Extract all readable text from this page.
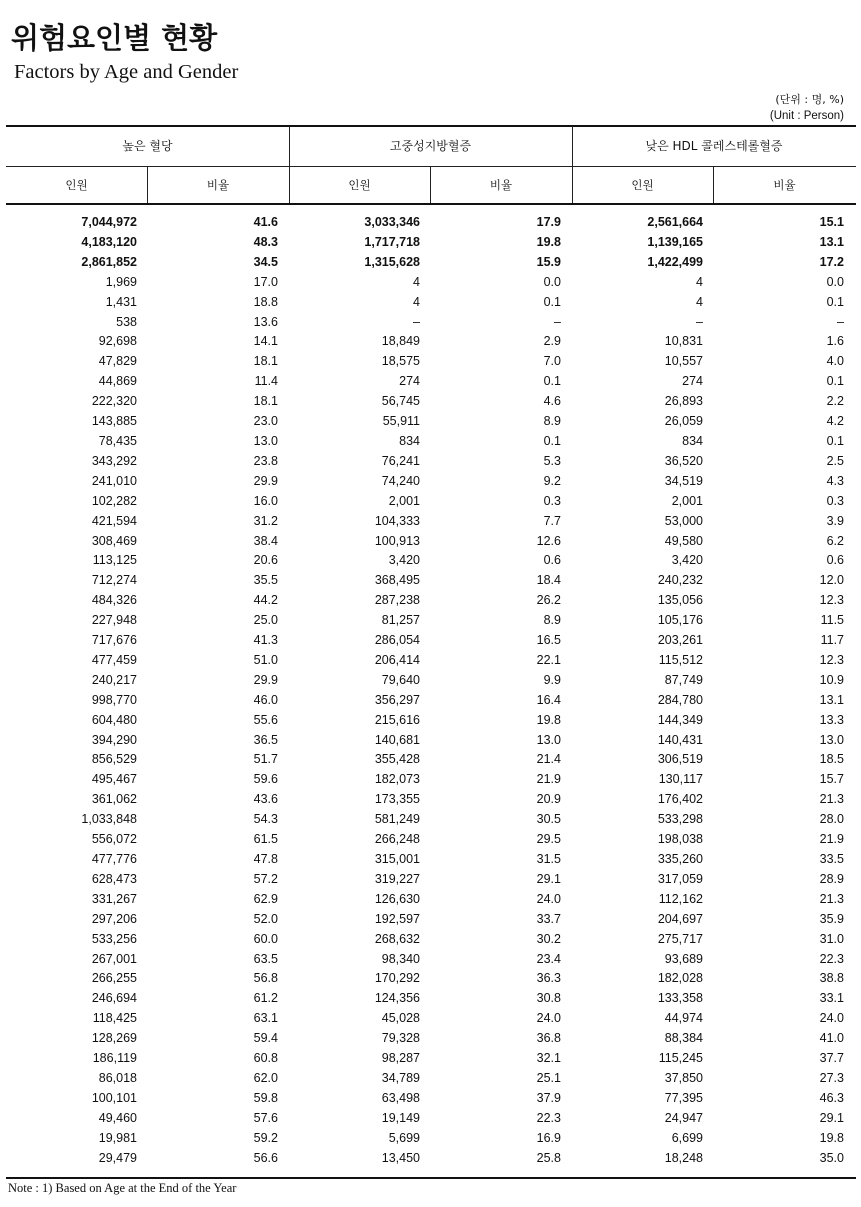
위험요인별 현황
Factors by Age and Gender
(단위 : 명, %)
(Unit : Person)
높은 혈당	고중성지방혈증	낮은 HDL 콜레스테롤혈증
인원	비율	인원	비율	인원	비율
7,044,972	41.6	3,033,346	17.9	2,561,664	15.1
4,183,120	48.3	1,717,718	19.8	1,139,165	13.1
2,861,852	34.5	1,315,628	15.9	1,422,499	17.2
1,969	17.0	4	0.0	4	0.0
1,431	18.8	4	0.1	4	0.1
538	13.6	–	–	–	–
92,698	14.1	18,849	2.9	10,831	1.6
47,829	18.1	18,575	7.0	10,557	4.0
44,869	11.4	274	0.1	274	0.1
222,320	18.1	56,745	4.6	26,893	2.2
143,885	23.0	55,911	8.9	26,059	4.2
78,435	13.0	834	0.1	834	0.1
343,292	23.8	76,241	5.3	36,520	2.5
241,010	29.9	74,240	9.2	34,519	4.3
102,282	16.0	2,001	0.3	2,001	0.3
421,594	31.2	104,333	7.7	53,000	3.9
308,469	38.4	100,913	12.6	49,580	6.2
113,125	20.6	3,420	0.6	3,420	0.6
712,274	35.5	368,495	18.4	240,232	12.0
484,326	44.2	287,238	26.2	135,056	12.3
227,948	25.0	81,257	8.9	105,176	11.5
717,676	41.3	286,054	16.5	203,261	11.7
477,459	51.0	206,414	22.1	115,512	12.3
240,217	29.9	79,640	9.9	87,749	10.9
998,770	46.0	356,297	16.4	284,780	13.1
604,480	55.6	215,616	19.8	144,349	13.3
394,290	36.5	140,681	13.0	140,431	13.0
856,529	51.7	355,428	21.4	306,519	18.5
495,467	59.6	182,073	21.9	130,117	15.7
361,062	43.6	173,355	20.9	176,402	21.3
1,033,848	54.3	581,249	30.5	533,298	28.0
556,072	61.5	266,248	29.5	198,038	21.9
477,776	47.8	315,001	31.5	335,260	33.5
628,473	57.2	319,227	29.1	317,059	28.9
331,267	62.9	126,630	24.0	112,162	21.3
297,206	52.0	192,597	33.7	204,697	35.9
533,256	60.0	268,632	30.2	275,717	31.0
267,001	63.5	98,340	23.4	93,689	22.3
266,255	56.8	170,292	36.3	182,028	38.8
246,694	61.2	124,356	30.8	133,358	33.1
118,425	63.1	45,028	24.0	44,974	24.0
128,269	59.4	79,328	36.8	88,384	41.0
186,119	60.8	98,287	32.1	115,245	37.7
86,018	62.0	34,789	25.1	37,850	27.3
100,101	59.8	63,498	37.9	77,395	46.3
49,460	57.6	19,149	22.3	24,947	29.1
19,981	59.2	5,699	16.9	6,699	19.8
29,479	56.6	13,450	25.8	18,248	35.0
Note : 1) Based on Age at the End of the Year
